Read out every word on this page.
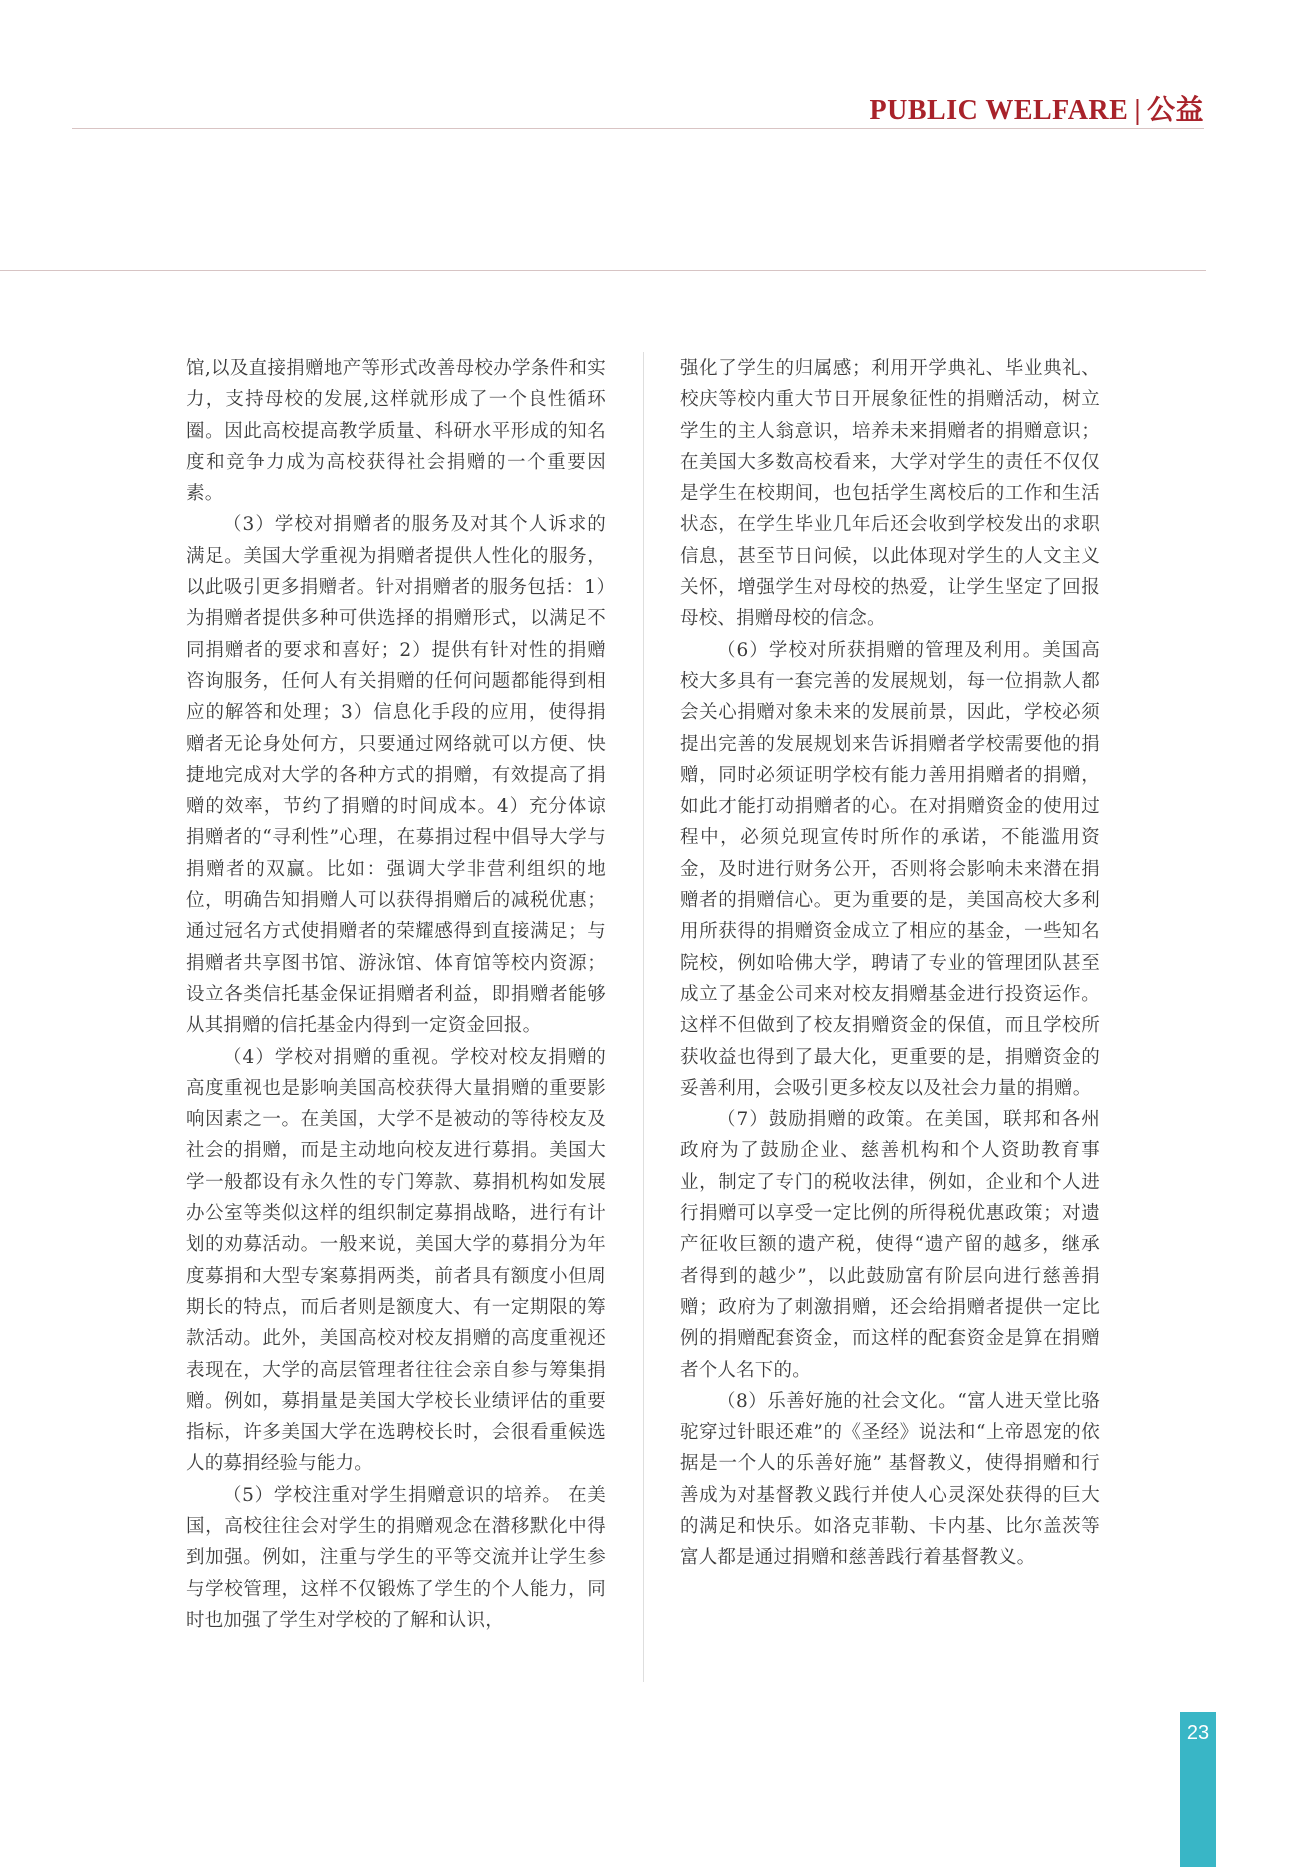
PUBLIC WELFARE | 公益

馆,以及直接捐赠地产等形式改善母校办学条件和实力，支持母校的发展,这样就形成了一个良性循环圈。因此高校提高教学质量、科研水平形成的知名度和竞争力成为高校获得社会捐赠的一个重要因素。

（3）学校对捐赠者的服务及对其个人诉求的满足。美国大学重视为捐赠者提供人性化的服务，以此吸引更多捐赠者。针对捐赠者的服务包括：1）为捐赠者提供多种可供选择的捐赠形式，以满足不同捐赠者的要求和喜好；2）提供有针对性的捐赠咨询服务，任何人有关捐赠的任何问题都能得到相应的解答和处理；3）信息化手段的应用，使得捐赠者无论身处何方，只要通过网络就可以方便、快捷地完成对大学的各种方式的捐赠，有效提高了捐赠的效率，节约了捐赠的时间成本。4）充分体谅捐赠者的“寻利性”心理，在募捐过程中倡导大学与捐赠者的双赢。比如：强调大学非营利组织的地位，明确告知捐赠人可以获得捐赠后的减税优惠；通过冠名方式使捐赠者的荣耀感得到直接满足；与捐赠者共享图书馆、游泳馆、体育馆等校内资源；设立各类信托基金保证捐赠者利益，即捐赠者能够从其捐赠的信托基金内得到一定资金回报。

（4）学校对捐赠的重视。学校对校友捐赠的高度重视也是影响美国高校获得大量捐赠的重要影响因素之一。在美国，大学不是被动的等待校友及社会的捐赠，而是主动地向校友进行募捐。美国大学一般都设有永久性的专门筹款、募捐机构如发展办公室等类似这样的组织制定募捐战略，进行有计划的劝募活动。一般来说，美国大学的募捐分为年度募捐和大型专案募捐两类，前者具有额度小但周期长的特点，而后者则是额度大、有一定期限的筹款活动。此外，美国高校对校友捐赠的高度重视还表现在，大学的高层管理者往往会亲自参与筹集捐赠。例如，募捐量是美国大学校长业绩评估的重要指标，许多美国大学在选聘校长时，会很看重候选人的募捐经验与能力。

（5）学校注重对学生捐赠意识的培养。 在美国，高校往往会对学生的捐赠观念在潜移默化中得到加强。例如，注重与学生的平等交流并让学生参与学校管理，这样不仅锻炼了学生的个人能力，同时也加强了学生对学校的了解和认识，

强化了学生的归属感；利用开学典礼、毕业典礼、校庆等校内重大节日开展象征性的捐赠活动，树立学生的主人翁意识，培养未来捐赠者的捐赠意识；在美国大多数高校看来，大学对学生的责任不仅仅是学生在校期间，也包括学生离校后的工作和生活状态，在学生毕业几年后还会收到学校发出的求职信息，甚至节日问候，以此体现对学生的人文主义关怀，增强学生对母校的热爱，让学生坚定了回报母校、捐赠母校的信念。

（6）学校对所获捐赠的管理及利用。美国高校大多具有一套完善的发展规划，每一位捐款人都会关心捐赠对象未来的发展前景，因此，学校必须提出完善的发展规划来告诉捐赠者学校需要他的捐赠，同时必须证明学校有能力善用捐赠者的捐赠，如此才能打动捐赠者的心。在对捐赠资金的使用过程中，必须兑现宣传时所作的承诺，不能滥用资金，及时进行财务公开，否则将会影响未来潜在捐赠者的捐赠信心。更为重要的是，美国高校大多利用所获得的捐赠资金成立了相应的基金，一些知名院校，例如哈佛大学，聘请了专业的管理团队甚至成立了基金公司来对校友捐赠基金进行投资运作。这样不但做到了校友捐赠资金的保值，而且学校所获收益也得到了最大化，更重要的是，捐赠资金的妥善利用，会吸引更多校友以及社会力量的捐赠。

（7）鼓励捐赠的政策。在美国，联邦和各州政府为了鼓励企业、慈善机构和个人资助教育事业，制定了专门的税收法律，例如，企业和个人进行捐赠可以享受一定比例的所得税优惠政策；对遗产征收巨额的遗产税，使得“遗产留的越多，继承者得到的越少”，以此鼓励富有阶层向进行慈善捐赠；政府为了刺激捐赠，还会给捐赠者提供一定比例的捐赠配套资金，而这样的配套资金是算在捐赠者个人名下的。

（8）乐善好施的社会文化。“富人进天堂比骆驼穿过针眼还难”的《圣经》说法和“上帝恩宠的依据是一个人的乐善好施” 基督教义，使得捐赠和行善成为对基督教义践行并使人心灵深处获得的巨大的满足和快乐。如洛克菲勒、卡内基、比尔盖茨等富人都是通过捐赠和慈善践行着基督教义。

23
